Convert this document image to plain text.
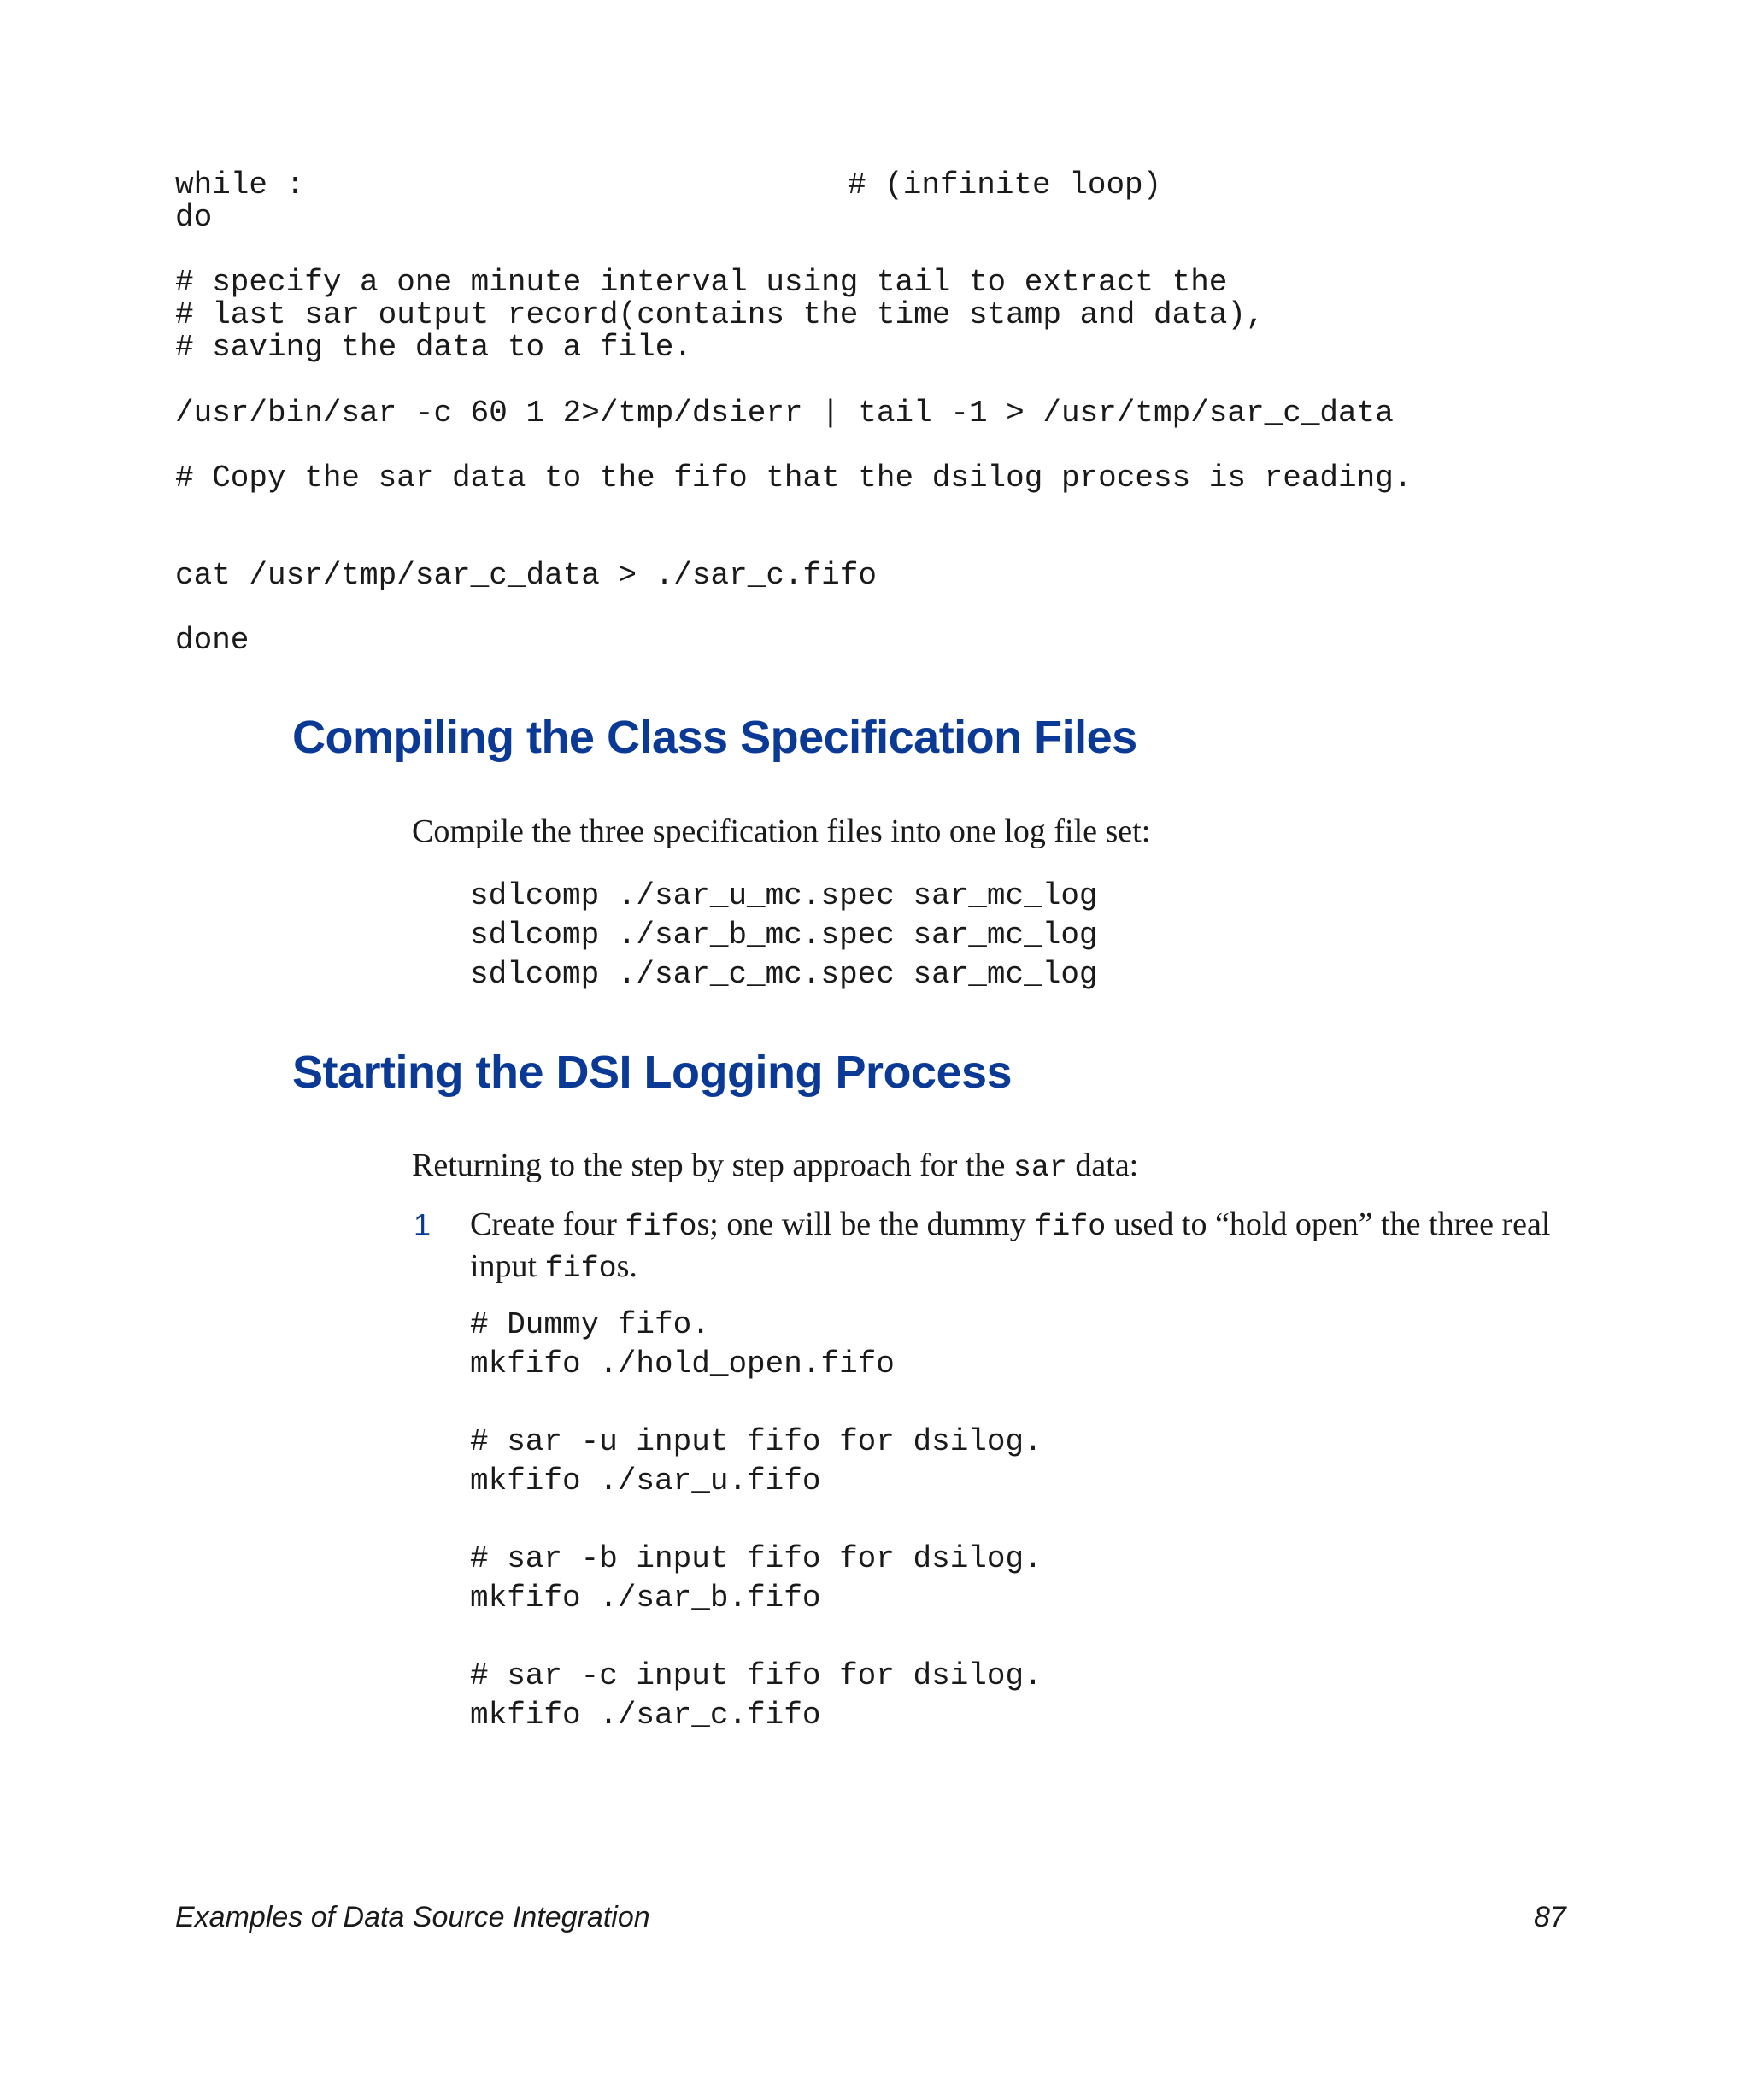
while :	# (infinite loop)
do
# specify a one minute interval using tail to extract the
# last sar output record(contains the time stamp and data),
# saving the data to a file.
/usr/bin/sar -c 60 1 2>/tmp/dsierr | tail -1 > /usr/tmp/sar_c_data
# Copy the sar data to the fifo that the dsilog process is reading.
cat /usr/tmp/sar_c_data > ./sar_c.fifo
done
Compiling the Class Specification Files

Compile the three specification files into one log file set:

sdlcomp ./sar_u_mc.spec sar_mc_log
sdlcomp ./sar_b_mc.spec sar_mc_log
sdlcomp ./sar_c_mc.spec sar_mc_log
Starting the DSI Logging Process

Returning to the step by step approach for the sar data:

1 Create four fifos; one will be the dummy fifo used to “hold open” the three real input fifos.

# Dummy fifo.
mkfifo ./hold_open.fifo

# sar -u input fifo for dsilog.
mkfifo ./sar_u.fifo

# sar -b input fifo for dsilog.
mkfifo ./sar_b.fifo

# sar -c input fifo for dsilog.
mkfifo ./sar_c.fifo
Examples of Data Source Integration	87
